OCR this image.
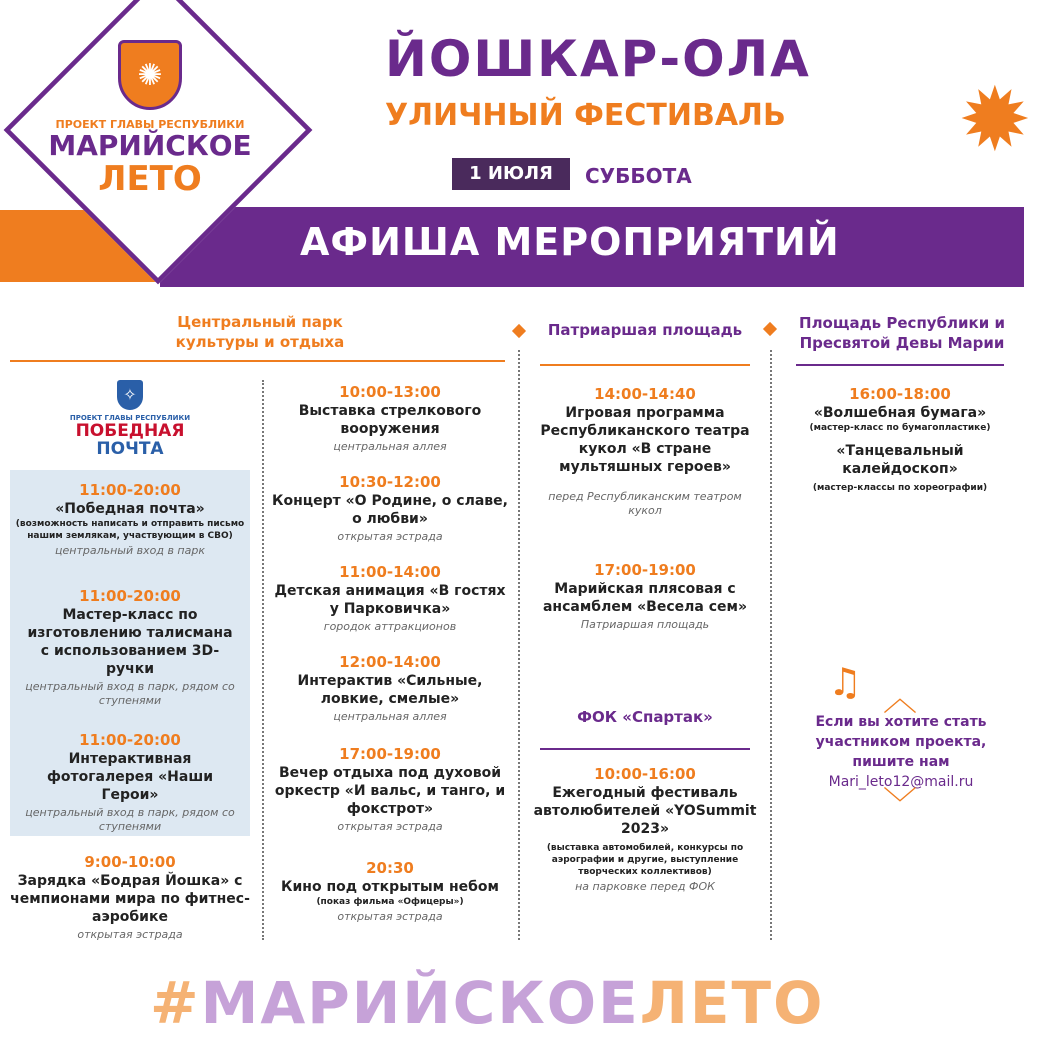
АФИША МЕРОПРИЯТИЙ
✺
ПРОЕКТ ГЛАВЫ РЕСПУБЛИКИ
МАРИЙСКОЕ
ЛЕТО
ЙОШКАР-ОЛА
УЛИЧНЫЙ ФЕСТИВАЛЬ
1 ИЮЛЯ	СУББОТА
✹
Центральный парк культуры и отдыха
Патриаршая площадь	Площадь Республики и Пресвятой Девы Марии
✧
ПРОЕКТ ГЛАВЫ РЕСПУБЛИКИ
ПОБЕДНАЯ
ПОЧТА
11:00-20:00
«Победная почта»
(возможность написать и отправить письмо нашим землякам, участвующим в СВО)
центральный вход в парк
11:00-20:00
Мастер-класс по изготовлению талисмана с использованием 3D-ручки
центральный вход в парк, рядом со ступенями
11:00-20:00
Интерактивная фотогалерея «Наши Герои»
центральный вход в парк, рядом со ступенями
9:00-10:00
Зарядка «Бодрая Йошка» с чемпионами мира по фитнес-аэробике
открытая эстрада
10:00-13:00
Выставка стрелкового вооружения
центральная аллея
10:30-12:00
Концерт «О Родине, о славе, о любви»
открытая эстрада
11:00-14:00
Детская анимация «В гостях у Парковичка»
городок аттракционов
12:00-14:00
Интерактив «Сильные, ловкие, смелые»
центральная аллея
17:00-19:00
Вечер отдыха под духовой оркестр «И вальс, и танго, и фокстрот»
открытая эстрада
20:30
Кино под открытым небом
(показ фильма «Офицеры»)
открытая эстрада
14:00-14:40
Игровая программа Республиканского театра кукол «В стране мультяшных героев»
перед Республиканским театром кукол
17:00-19:00
Марийская плясовая с ансамблем «Весела сем»
Патриаршая площадь
ФОК «Спартак»
10:00-16:00
Ежегодный фестиваль автолюбителей «YOSummit 2023»
(выставка автомобилей, конкурсы по аэрографии и другие, выступление творческих коллективов)
на парковке перед ФОК
16:00-18:00
«Волшебная бумага»
(мастер-класс по бумагопластике)
«Танцевальный калейдоскоп»
(мастер-классы по хореографии)
♫ ︿
Если вы хотите стать участником проекта, пишите нам
Mari_leto12@mail.ru
﹀
#МАРИЙСКОЕЛЕТО
